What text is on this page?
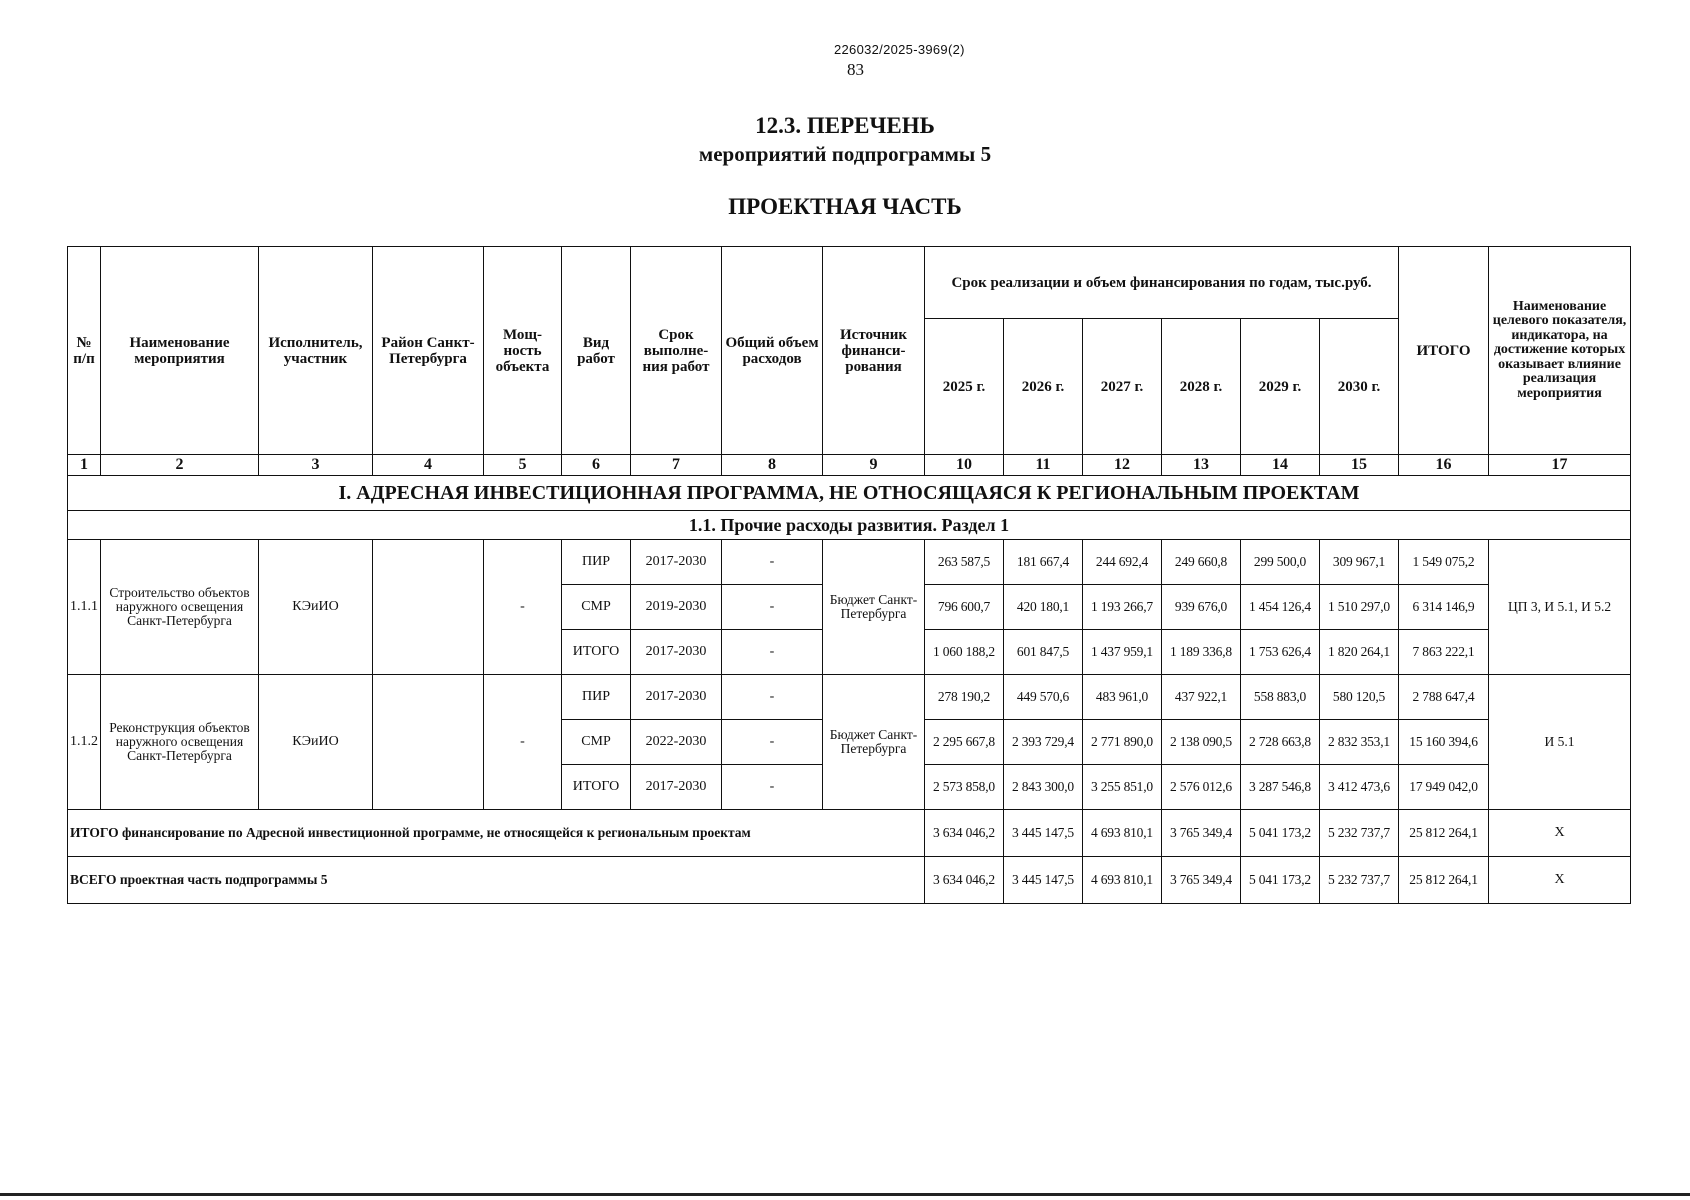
226032/2025-3969(2)
83
12.3. ПЕРЕЧЕНЬ
мероприятий подпрограммы 5
ПРОЕКТНАЯ ЧАСТЬ
№ п/п	Наименование мероприятия	Исполнитель, участник	Район Санкт-Петербурга	Мощ-ность объекта	Вид работ	Срок выполне-ния работ	Общий объем расходов	Источник финанси-рования	Срок реализации и объем финансирования по годам, тыс.руб.						ИТОГО	Наименование целевого показателя, индикатора, на достижение которых оказывает влияние реализация мероприятия
									2025 г.	2026 г.	2027 г.	2028 г.	2029 г.	2030 г.		
1	2	3	4	5	6	7	8	9	10	11	12	13	14	15	16	17
I. АДРЕСНАЯ ИНВЕСТИЦИОННАЯ ПРОГРАММА, НЕ ОТНОСЯЩАЯСЯ К РЕГИОНАЛЬНЫМ ПРОЕКТАМ																
1.1. Прочие расходы развития. Раздел 1																
1.1.1	Строительство объектов наружного освещения Санкт-Петербурга	КЭиИО		-	ПИР	2017-2030	-	Бюджет Санкт-Петербурга	263 587,5	181 667,4	244 692,4	249 660,8	299 500,0	309 967,1	1 549 075,2	ЦП 3, И 5.1, И 5.2
					СМР	2019-2030	-		796 600,7	420 180,1	1 193 266,7	939 676,0	1 454 126,4	1 510 297,0	6 314 146,9	
					ИТОГО	2017-2030	-		1 060 188,2	601 847,5	1 437 959,1	1 189 336,8	1 753 626,4	1 820 264,1	7 863 222,1	
1.1.2	Реконструкция объектов наружного освещения Санкт-Петербурга	КЭиИО		-	ПИР	2017-2030	-	Бюджет Санкт-Петербурга	278 190,2	449 570,6	483 961,0	437 922,1	558 883,0	580 120,5	2 788 647,4	И 5.1
					СМР	2022-2030	-		2 295 667,8	2 393 729,4	2 771 890,0	2 138 090,5	2 728 663,8	2 832 353,1	15 160 394,6	
					ИТОГО	2017-2030	-		2 573 858,0	2 843 300,0	3 255 851,0	2 576 012,6	3 287 546,8	3 412 473,6	17 949 042,0	
ИТОГО финансирование по Адресной инвестиционной программе, не относящейся к региональным проектам									3 634 046,2	3 445 147,5	4 693 810,1	3 765 349,4	5 041 173,2	5 232 737,7	25 812 264,1	Х
ВСЕГО проектная часть подпрограммы 5									3 634 046,2	3 445 147,5	4 693 810,1	3 765 349,4	5 041 173,2	5 232 737,7	25 812 264,1	Х
